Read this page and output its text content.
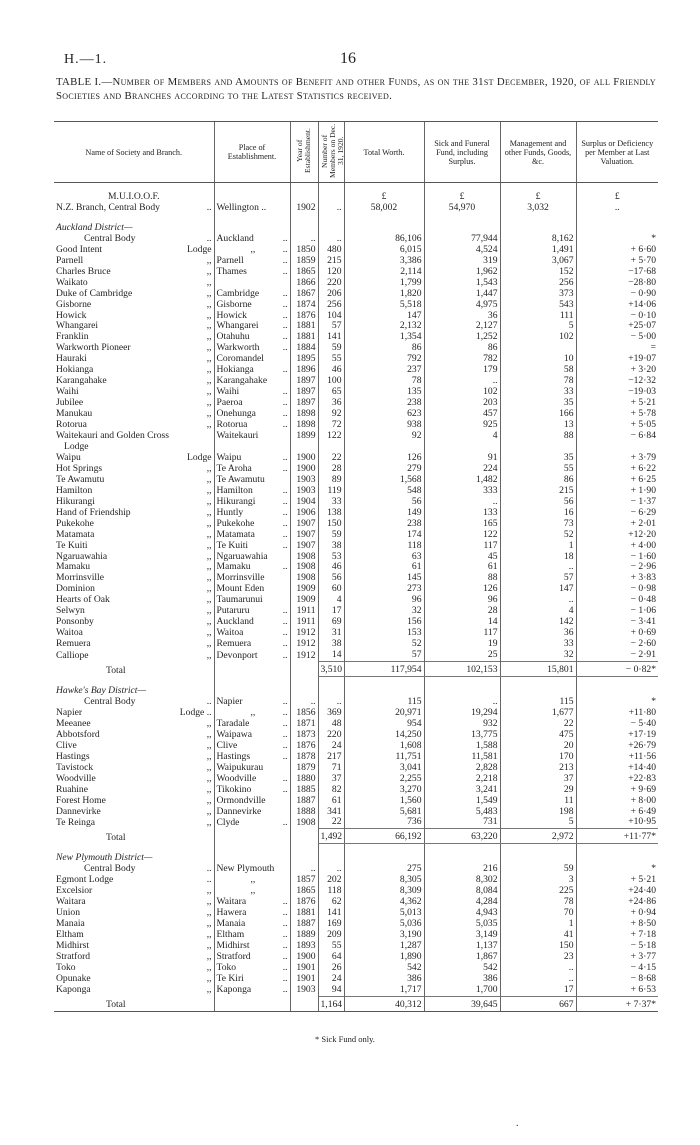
H.—1.	16
TABLE I.—Number of Members and Amounts of Benefit and other Funds, as on the 31st December, 1920, of all Friendly Societies and Branches according to the Latest Statistics received.
Name of Society and Branch.	Place of Establishment.	Year of Establishment.	Number of Members on Dec. 31, 1920.	Total Worth.	Sick and Funeral Fund, including Surplus.	Management and other Funds, Goods, &c.	Surplus or Deficiency per Member at Last Valuation.

M.U.I.O.O.F.				£	£	£	£
N.Z. Branch, Central Body ..	Wellington ..	1902	..	58,002	54,970	3,032	..

Auckland District—							
Central Body ..	Auckland ..	..	..	86,106	77,944	8,162	*
Good Intent Lodge	,, ..	1850	480	6,015	4,524	1,491	+ 6·60
Parnell ,,	Parnell ..	1859	215	3,386	319	3,067	+ 5·70
Charles Bruce ,,	Thames ..	1865	120	2,114	1,962	152	−17·68
Waikato ,,		1866	220	1,799	1,543	256	−28·80
Duke of Cambridge ,,	Cambridge ..	1867	206	1,820	1,447	373	− 0·90
Gisborne ,,	Gisborne ..	1874	256	5,518	4,975	543	+14·06
Howick ,,	Howick ..	1876	104	147	36	111	− 0·10
Whangarei ,,	Whangarei ..	1881	57	2,132	2,127	5	+25·07
Franklin ,,	Otahuhu ..	1881	141	1,354	1,252	102	− 5·00
Warkworth Pioneer ,,	Warkworth ..	1884	59	86	86		=
Hauraki ,,	Coromandel	1895	55	792	782	10	+19·07
Hokianga ,,	Hokianga ..	1896	46	237	179	58	+ 3·20
Karangahake ,,	Karangahake	1897	100	78	..	78	−12·32
Waihi ,,	Waihi ..	1897	65	135	102	33	−19·03
Jubilee ,,	Paeroa ..	1897	36	238	203	35	+ 5·21
Manukau ,,	Onehunga ..	1898	92	623	457	166	+ 5·78
Rotorua ,,	Rotorua ..	1898	72	938	925	13	+ 5·05
Waitekauri and Golden Cross	Waitekauri	1899	122	92	4	88	− 6·84
Lodge

Waipu Lodge	Waipu ..	1900	22	126	91	35	+ 3·79
Hot Springs ,,	Te Aroha ..	1900	28	279	224	55	+ 6·22
Te Awamutu ,,	Te Awamutu	1903	89	1,568	1,482	86	+ 6·25
Hamilton ,,	Hamilton ..	1903	119	548	333	215	+ 1·90
Hikurangi ,,	Hikurangi ..	1904	33	56	..	56	− 1·37
Hand of Friendship ,,	Huntly ..	1906	138	149	133	16	− 6·29
Pukekohe ,,	Pukekohe ..	1907	150	238	165	73	+ 2·01
Matamata ,,	Matamata ..	1907	59	174	122	52	+12·20
Te Kuiti ,,	Te Kuiti ..	1907	38	118	117	1	+ 4·00
Ngaruawahia ,,	Ngaruawahia	1908	53	63	45	18	− 1·60
Mamaku ,,	Mamaku ..	1908	46	61	61	..	− 2·96
Morrinsville ,,	Morrinsville	1908	56	145	88	57	+ 3·83
Dominion ,,	Mount Eden	1909	60	273	126	147	− 0·98
Hearts of Oak ,,	Taumarunui	1909	4	96	96	..	− 0·48
Selwyn ,,	Putaruru ..	1911	17	32	28	4	− 1·06
Ponsonby ,,	Auckland ..	1911	69	156	14	142	− 3·41
Waitoa ,,	Waitoa ..	1912	31	153	117	36	+ 0·69
Remuera ,,	Remuera ..	1912	38	52	19	33	− 2·60
Calliope ,,	Devonport ..	1912	14	57	25	32	− 2·91
Total			3,510	117,954	102,153	15,801	− 0·82*

Hawke's Bay District—							
Central Body ..	Napier ..	..	..	115	..	115	*
Napier Lodge ..	,, ..	1856	369	20,971	19,294	1,677	+11·80
Meeanee ,,	Taradale ..	1871	48	954	932	22	− 5·40
Abbotsford ,,	Waipawa ..	1873	220	14,250	13,775	475	+17·19
Clive ,,	Clive ..	1876	24	1,608	1,588	20	+26·79
Hastings ,,	Hastings ..	1878	217	11,751	11,581	170	+11·56
Tavistock ,,	Waipukurau	1879	71	3,041	2,828	213	+14·40
Woodville ,,	Woodville ..	1880	37	2,255	2,218	37	+22·83
Ruahine ,,	Tikokino ..	1885	82	3,270	3,241	29	+ 9·69
Forest Home ,,	Ormondville	1887	61	1,560	1,549	11	+ 8·00
Dannevirke ,,	Dannevirke	1888	341	5,681	5,483	198	+ 6·49
Te Reinga ,,	Clyde ..	1908	22	736	731	5	+10·95
Total			1,492	66,192	63,220	2,972	+11·77*

New Plymouth District—							
Central Body ..	New Plymouth	..	..	275	216	59	*
Egmont Lodge ..	,,	1857	202	8,305	8,302	3	+ 5·21
Excelsior ,,	,,	1865	118	8,309	8,084	225	+24·40
Waitara ,,	Waitara ..	1876	62	4,362	4,284	78	+24·86
Union ,,	Hawera ..	1881	141	5,013	4,943	70	+ 0·94
Manaia ,,	Manaia ..	1887	169	5,036	5,035	1	+ 8·50
Eltham ,,	Eltham ..	1889	209	3,190	3,149	41	+ 7·18
Midhirst ,,	Midhirst ..	1893	55	1,287	1,137	150	− 5·18
Stratford ,,	Stratford ..	1900	64	1,890	1,867	23	+ 3·77
Toko ,,	Toko ..	1901	26	542	542	..	− 4·15
Opunake ,,	Te Kiri ..	1901	24	386	386	..	− 8·68
Kaponga ,,	Kaponga ..	1903	94	1,717	1,700	17	+ 6·53
Total			1,164	40,312	39,645	667	+ 7·37*
* Sick Fund only.
.
